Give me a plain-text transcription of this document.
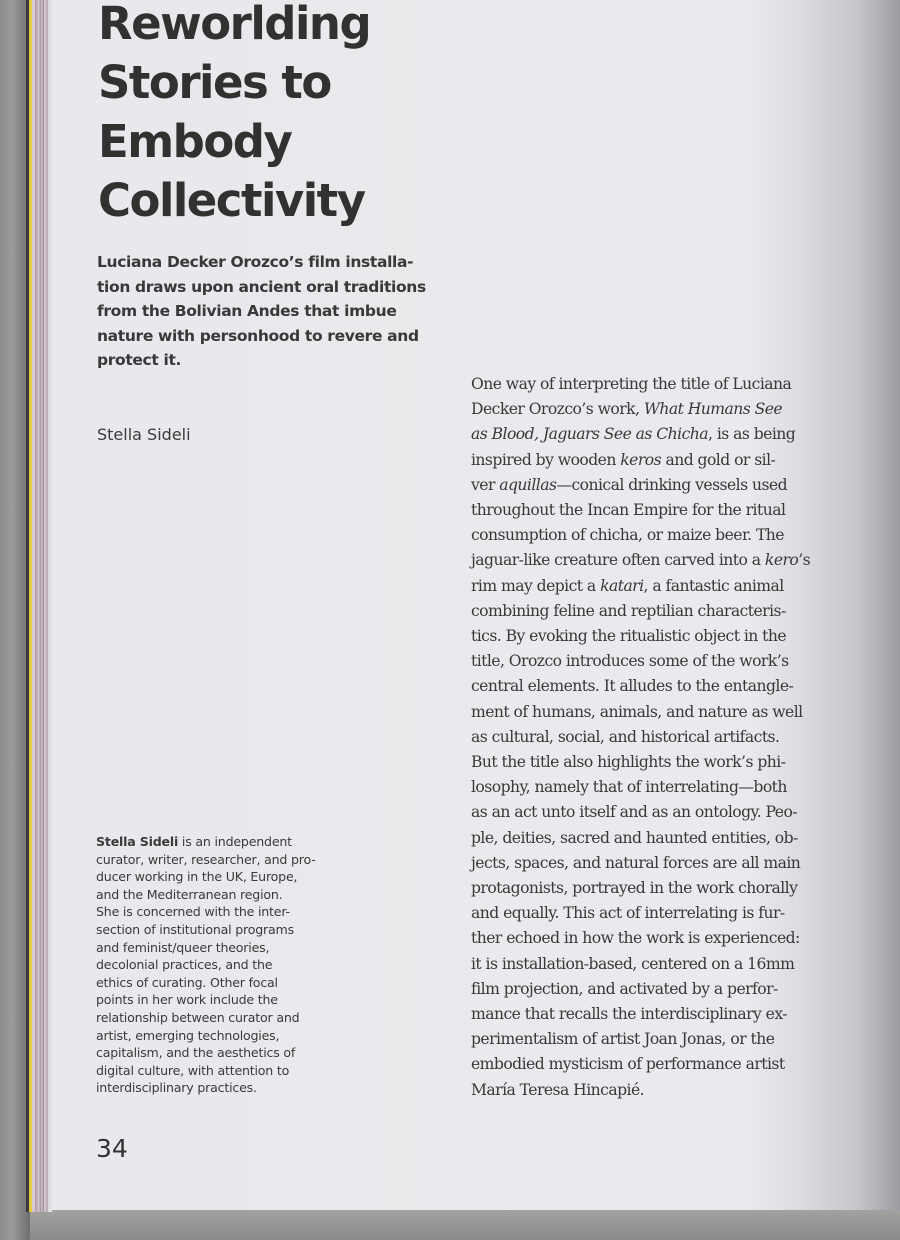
Reworlding
Stories to
Embody
Collectivity

Luciana Decker Orozco’s film installa-
tion draws upon ancient oral traditions
from the Bolivian Andes that imbue
nature with personhood to revere and
protect it.

Stella Sideli

Stella Sideli is an independent
curator, writer, researcher, and pro-
ducer working in the UK, Europe,
and the Mediterranean region.
She is concerned with the inter-
section of institutional programs
and feminist/queer theories,
decolonial practices, and the
ethics of curating. Other focal
points in her work include the
relationship between curator and
artist, emerging technologies,
capitalism, and the aesthetics of
digital culture, with attention to
interdisciplinary practices.

One way of interpreting the title of Luciana
Decker Orozco’s work, What Humans See
as Blood, Jaguars See as Chicha, is as being
inspired by wooden keros and gold or sil-
ver aquillas—conical drinking vessels used
throughout the Incan Empire for the ritual
consumption of chicha, or maize beer. The
jaguar-like creature often carved into a kero’s
rim may depict a katari, a fantastic animal
combining feline and reptilian characteris-
tics. By evoking the ritualistic object in the
title, Orozco introduces some of the work’s
central elements. It alludes to the entangle-
ment of humans, animals, and nature as well
as cultural, social, and historical artifacts.
But the title also highlights the work’s phi-
losophy, namely that of interrelating—both
as an act unto itself and as an ontology. Peo-
ple, deities, sacred and haunted entities, ob-
jects, spaces, and natural forces are all main
protagonists, portrayed in the work chorally
and equally. This act of interrelating is fur-
ther echoed in how the work is experienced:
it is installation-based, centered on a 16mm
film projection, and activated by a perfor-
mance that recalls the interdisciplinary ex-
perimentalism of artist Joan Jonas, or the
embodied mysticism of performance artist
María Teresa Hincapié.

34
